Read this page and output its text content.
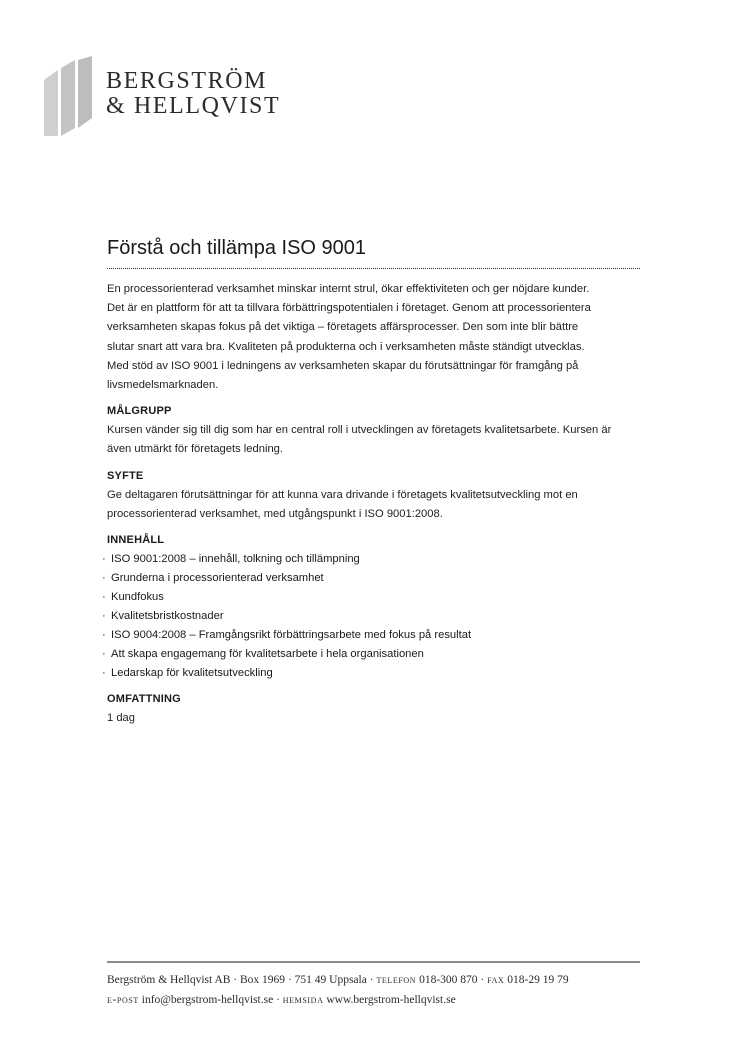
BERGSTRÖM
& HELLQVIST
Förstå och tillämpa ISO 9001

En processorienterad verksamhet minskar internt strul, ökar effektiviteten och ger nöjdare kunder.

Det är en plattform för att ta tillvara förbättringspotentialen i företaget. Genom att processorientera

verksamheten skapas fokus på det viktiga – företagets affärsprocesser. Den som inte blir bättre

slutar snart att vara bra. Kvaliteten på produkterna och i verksamheten måste ständigt utvecklas.

Med stöd av ISO 9001 i ledningens av verksamheten skapar du förutsättningar för framgång på

livsmedelsmarknaden.

MÅLGRUPP

Kursen vänder sig till dig som har en central roll i utvecklingen av företagets kvalitetsarbete. Kursen är

även utmärkt för företagets ledning.

SYFTE

Ge deltagaren förutsättningar för att kunna vara drivande i företagets kvalitetsutveckling mot en

processorienterad verksamhet, med utgångspunkt i ISO 9001:2008.

INNEHÅLL
· ISO 9001:2008 – innehåll, tolkning och tillämpning
· Grunderna i processorienterad verksamhet
· Kundfokus
· Kvalitetsbristkostnader
· ISO 9004:2008 – Framgångsrikt förbättringsarbete med fokus på resultat
· Att skapa engagemang för kvalitetsarbete i hela organisationen
· Ledarskap för kvalitetsutveckling
OMFATTNING

1 dag

Bergström & Hellqvist AB · Box 1969 · 751 49 Uppsala · telefon 018-300 870 · fax 018-29 19 79
e-post info@bergstrom-hellqvist.se · hemsida www.bergstrom-hellqvist.se
